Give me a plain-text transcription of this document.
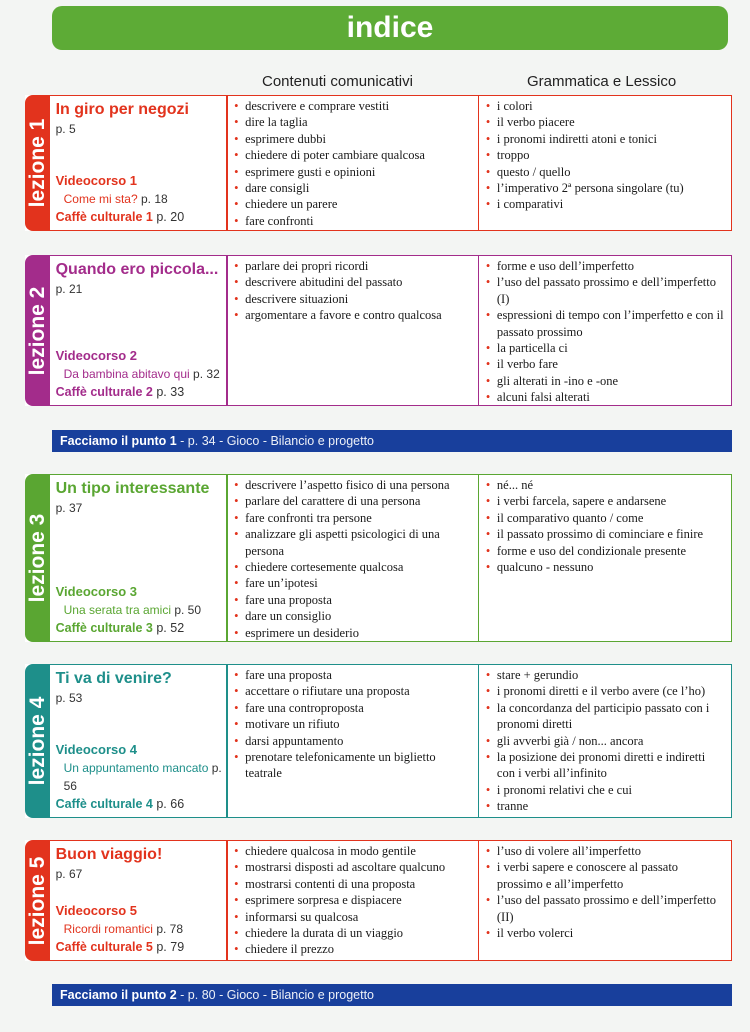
indice
Contenuti comunicativi	Grammatica e Lessico
lezione 1
In giro per negozi
p. 5
Videocorso 1
Come mi sta? p. 18
Caffè culturale 1 p. 20
• descrivere e comprare vestiti
• dire la taglia
• esprimere dubbi
• chiedere di poter cambiare qualcosa
• esprimere gusti e opinioni
• dare consigli
• chiedere un parere
• fare confronti
• i colori
• il verbo piacere
• i pronomi indiretti atoni e tonici
• troppo
• questo / quello
• l’imperativo 2ª persona singolare (tu)
• i comparativi
lezione 2
Quando ero piccola...
p. 21
Videocorso 2
Da bambina abitavo qui p. 32
Caffè culturale 2 p. 33
• parlare dei propri ricordi
• descrivere abitudini del passato
• descrivere situazioni
• argomentare a favore e contro qualcosa
• forme e uso dell’imperfetto
• l’uso del passato prossimo e dell’imperfetto (I)
• espressioni di tempo con l’imperfetto e con il passato prossimo
• la particella ci
• il verbo fare
• gli alterati in -ino e -one
• alcuni falsi alterati
lezione 3
Un tipo interessante
p. 37
Videocorso 3
Una serata tra amici p. 50
Caffè culturale 3 p. 52
• descrivere l’aspetto fisico di una persona
• parlare del carattere di una persona
• fare confronti tra persone
• analizzare gli aspetti psicologici di una persona
• chiedere cortesemente qualcosa
• fare un’ipotesi
• fare una proposta
• dare un consiglio
• esprimere un desiderio
• né... né
• i verbi farcela, sapere e andarsene
• il comparativo quanto / come
• il passato prossimo di cominciare e finire
• forme e uso del condizionale presente
• qualcuno - nessuno
lezione 4
Ti va di venire?
p. 53
Videocorso 4
Un appuntamento mancato p. 56
Caffè culturale 4 p. 66
• fare una proposta
• accettare o rifiutare una proposta
• fare una controproposta
• motivare un rifiuto
• darsi appuntamento
• prenotare telefonicamente un biglietto teatrale
• stare + gerundio
• i pronomi diretti e il verbo avere (ce l’ho)
• la concordanza del participio passato con i pronomi diretti
• gli avverbi già / non... ancora
• la posizione dei pronomi diretti e indiretti con i verbi all’infinito
• i pronomi relativi che e cui
• tranne
lezione 5
Buon viaggio!
p. 67
Videocorso 5
Ricordi romantici p. 78
Caffè culturale 5 p. 79
• chiedere qualcosa in modo gentile
• mostrarsi disposti ad ascoltare qualcuno
• mostrarsi contenti di una proposta
• esprimere sorpresa e dispiacere
• informarsi su qualcosa
• chiedere la durata di un viaggio
• chiedere il prezzo
• l’uso di volere all’imperfetto
• i verbi sapere e conoscere al passato prossimo e all’imperfetto
• l’uso del passato prossimo e dell’imperfetto (II)
• il verbo volerci
Facciamo il punto 1 - p. 34 - Gioco - Bilancio e progetto
Facciamo il punto 2 - p. 80 - Gioco - Bilancio e progetto
